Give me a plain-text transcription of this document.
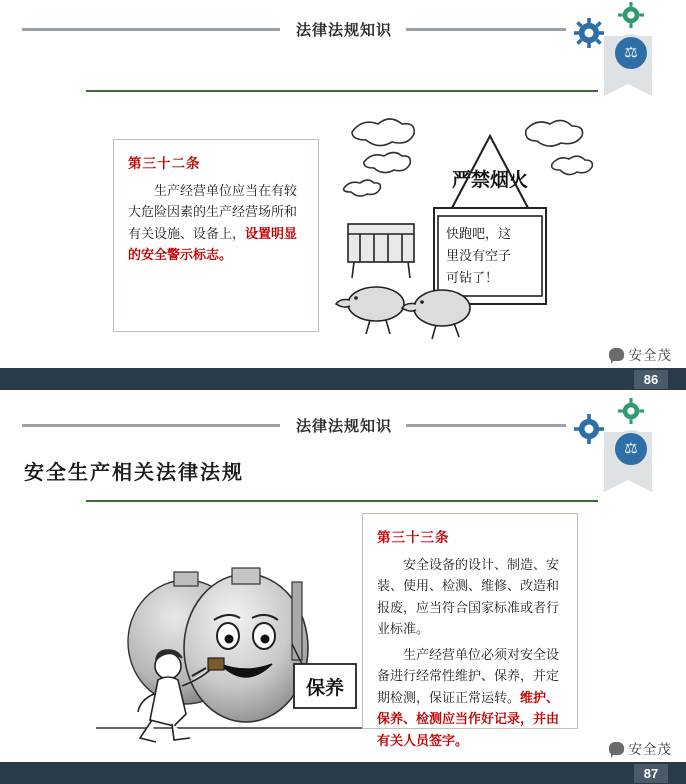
法律法规知识
⚖

第三十二条

生产经营单位应当在有较大危险因素的生产经营场所和有关设施、设备上，设置明显的安全警示标志。

严禁烟火
快跑吧，这
里没有空子
可钻了！
安全茂
86
法律法规知识
⚖
安全生产相关法律法规
保养

第三十三条

安全设备的设计、制造、安装、使用、检测、维修、改造和报废，应当符合国家标准或者行业标准。

生产经营单位必须对安全设备进行经常性维护、保养，并定期检测，保证正常运转。维护、保养、检测应当作好记录，并由有关人员签字。

安全茂
87
